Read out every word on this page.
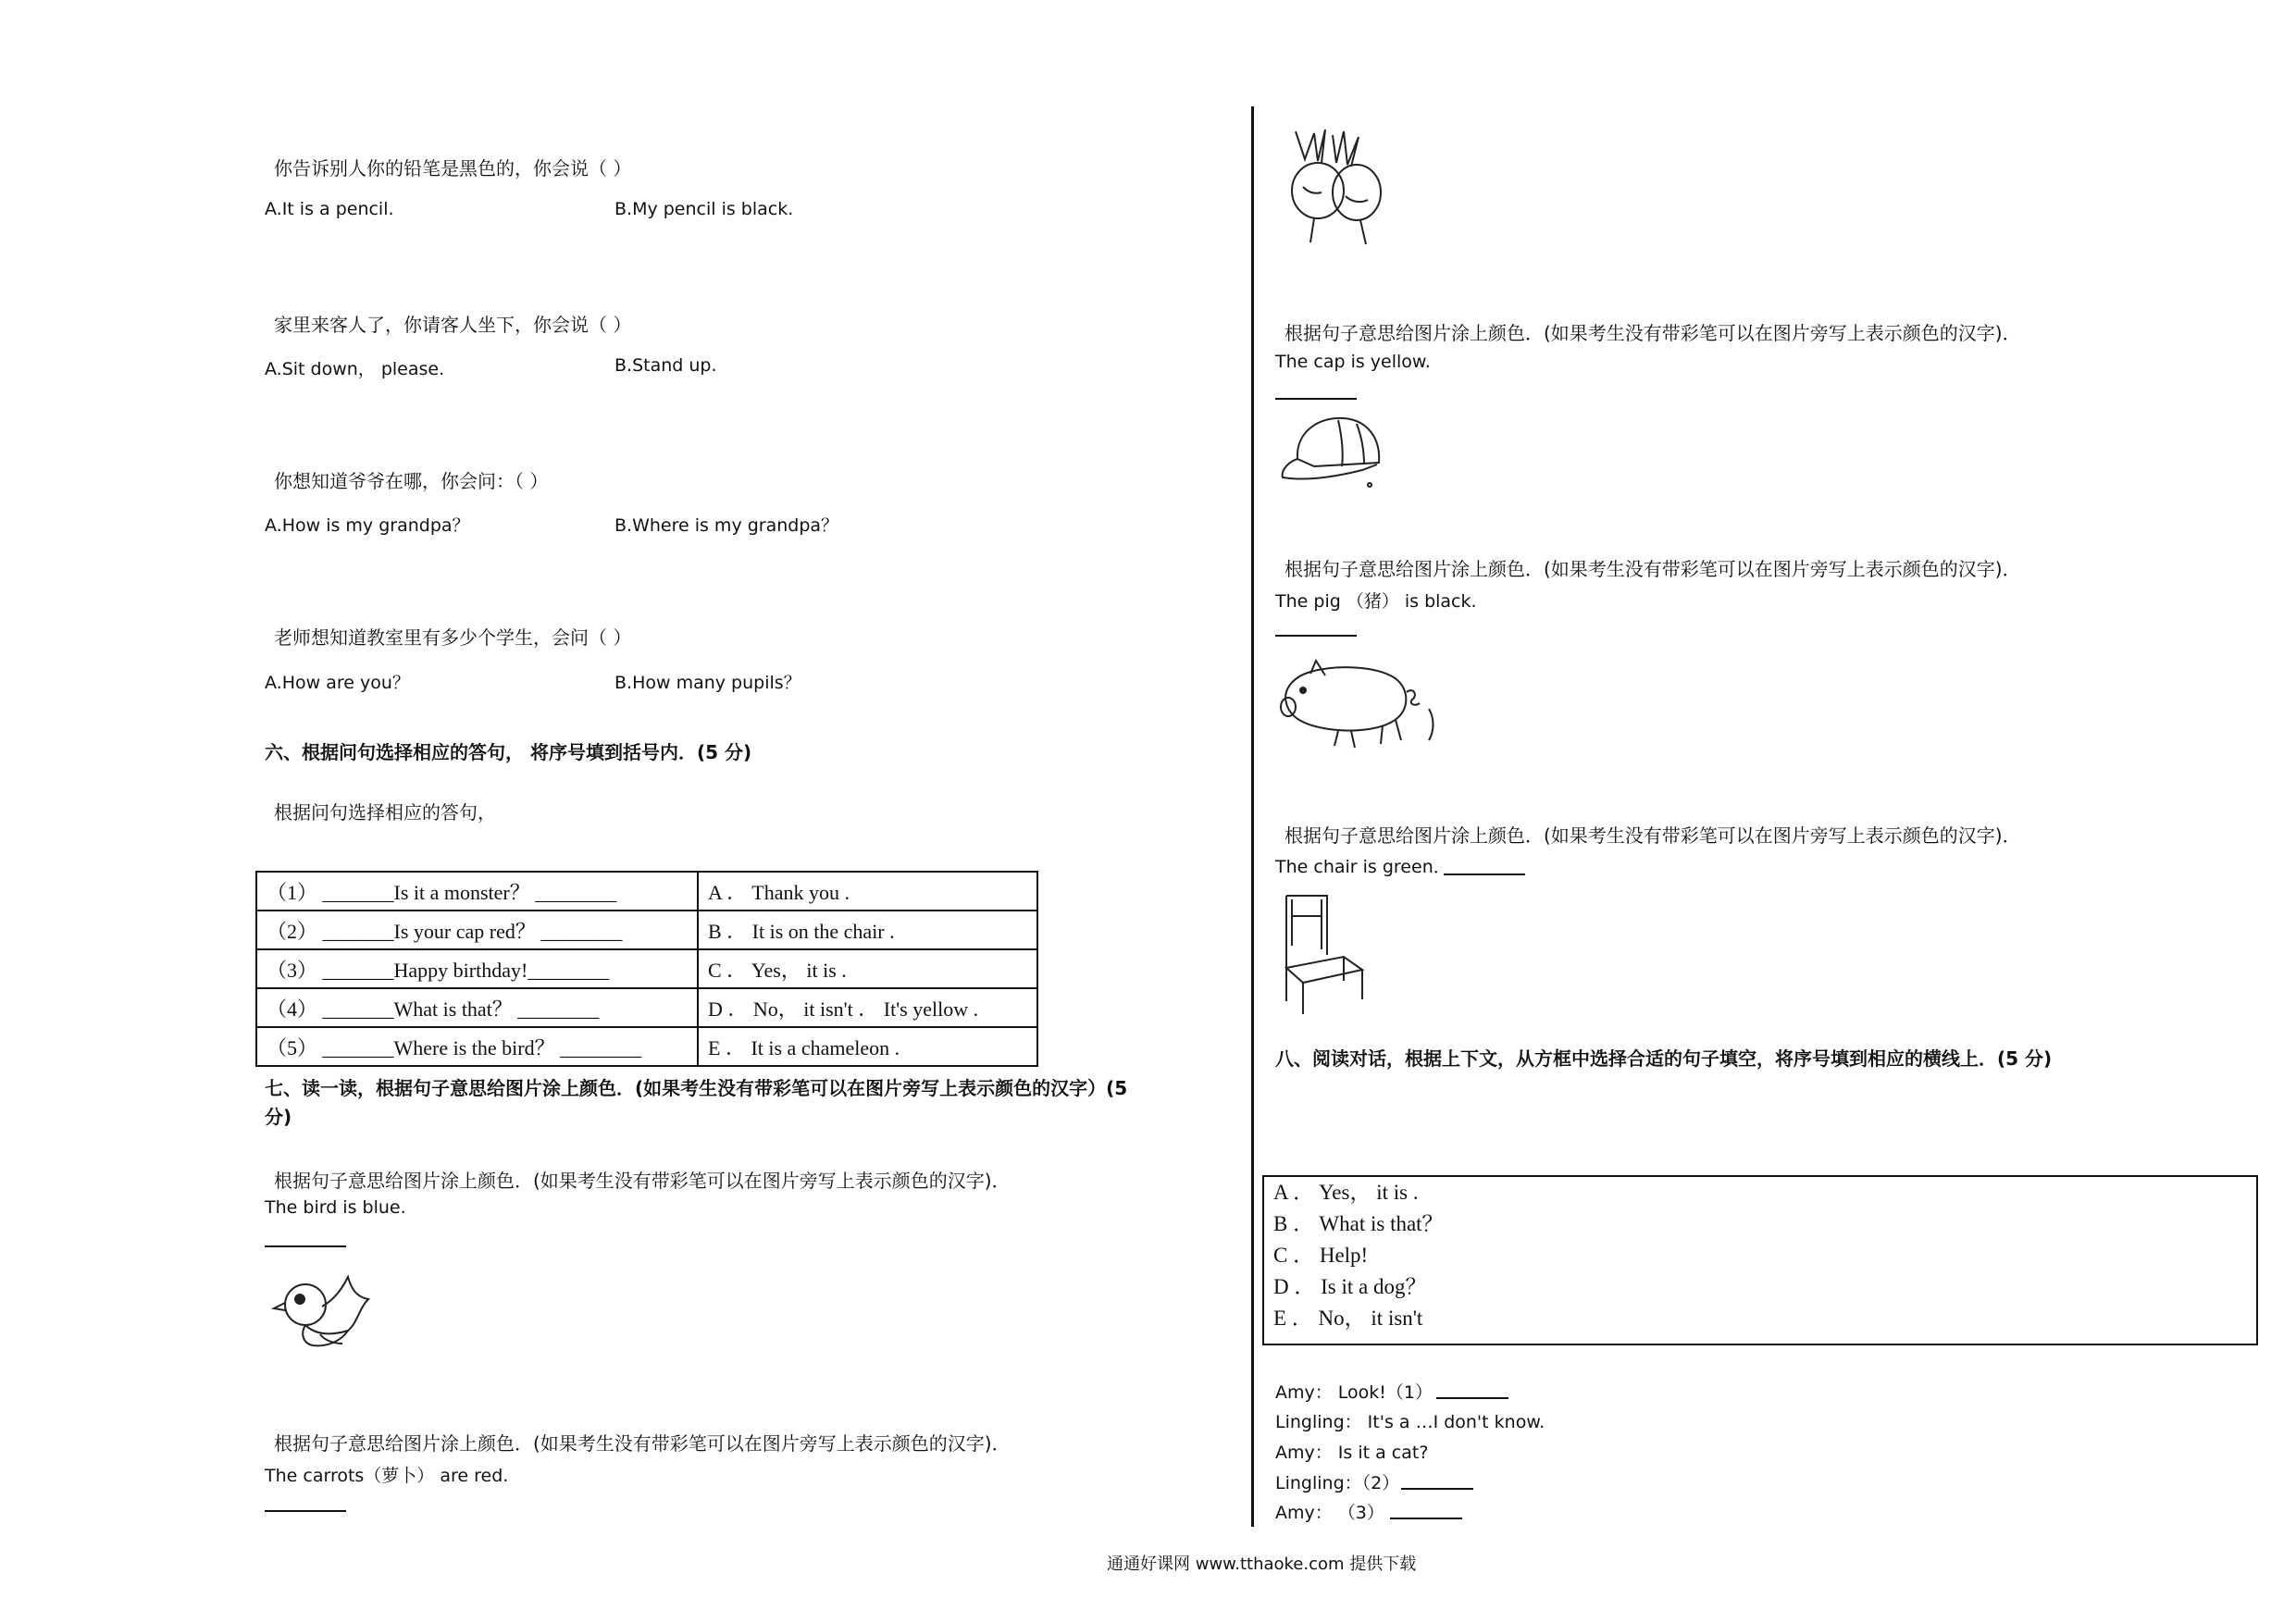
你告诉别人你的铅笔是黑色的，你会说（ ）
A.It is a pencil.	B.My pencil is black.
家里来客人了，你请客人坐下，你会说（ ）
A.Sit down， please.	B.Stand up.
你想知道爷爷在哪，你会问：（ ）
A.How is my grandpa？	B.Where is my grandpa？
老师想知道教室里有多少个学生，会问（ ）
A.How are you？	B.How many pupils？
六、根据问句选择相应的答句， 将序号填到括号内．(5 分)
根据问句选择相应的答句，
（1） _______Is it a monster？ ________	A ． Thank you .
（2） _______Is your cap red？ ________	B ． It is on the chair .
（3） _______Happy birthday!________	C ． Yes， it is .
（4） _______What is that？ ________	D ． No， it isn't ． It's yellow .
（5） _______Where is the bird？ ________	E ． It is a chameleon .
七、读一读，根据句子意思给图片涂上颜色．(如果考生没有带彩笔可以在图片旁写上表示颜色的汉字）(5
分)
根据句子意思给图片涂上颜色．(如果考生没有带彩笔可以在图片旁写上表示颜色的汉字)．
The bird is blue.
根据句子意思给图片涂上颜色．(如果考生没有带彩笔可以在图片旁写上表示颜色的汉字)．
The carrots（萝卜） are red.
根据句子意思给图片涂上颜色．(如果考生没有带彩笔可以在图片旁写上表示颜色的汉字)．
The cap is yellow.
根据句子意思给图片涂上颜色．(如果考生没有带彩笔可以在图片旁写上表示颜色的汉字)．
The pig （猪） is black.
根据句子意思给图片涂上颜色．(如果考生没有带彩笔可以在图片旁写上表示颜色的汉字)．
The chair is green．
八、阅读对话，根据上下文，从方框中选择合适的句子填空，将序号填到相应的横线上．(5 分)
A ． Yes， it is .
B ． What is that？
C ． Help!
D ． Is it a dog？
E ． No， it isn't
Amy： Look!（1）
Lingling： It's a …I don't know.
Amy： Is it a cat?
Lingling：（2）
Amy： （3）
通通好课网 www.tthaoke.com 提供下载
